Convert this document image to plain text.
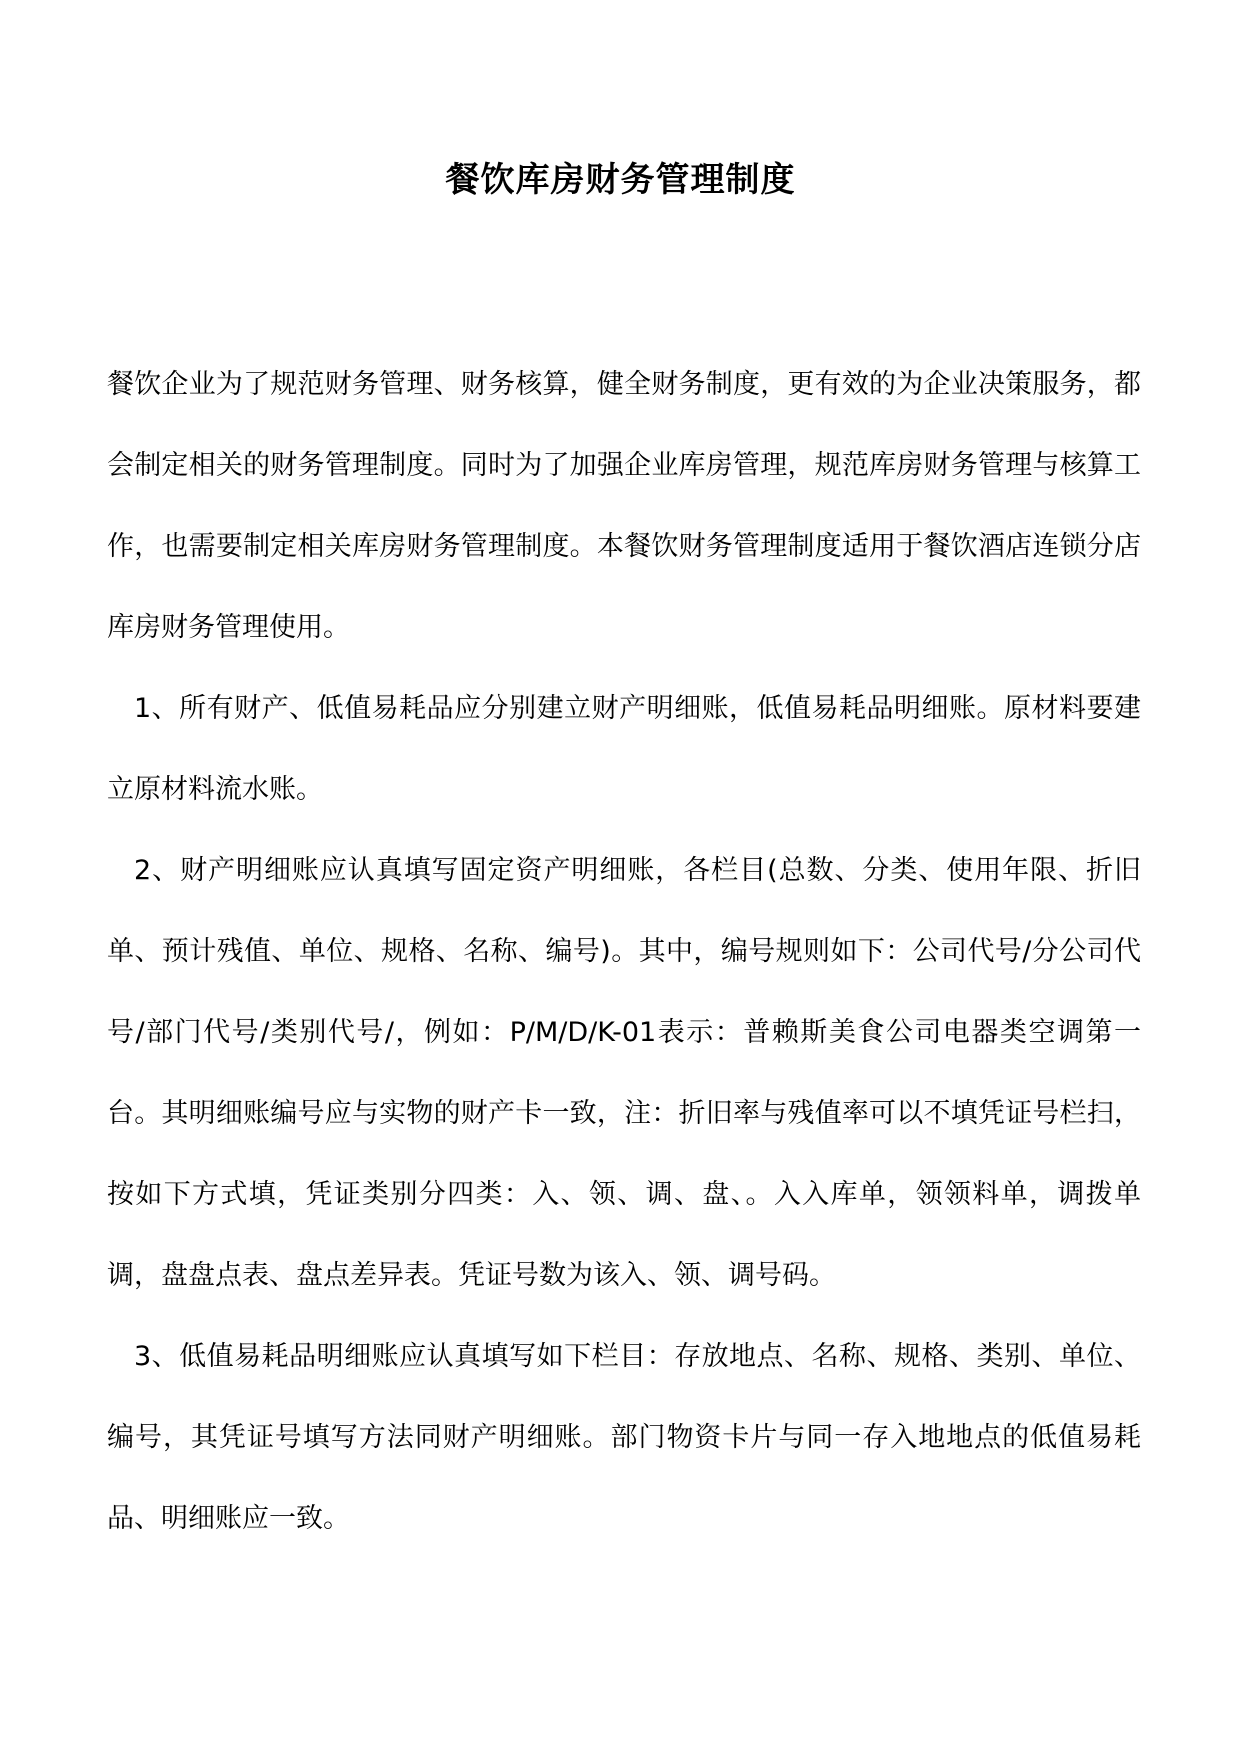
餐饮库房财务管理制度

餐饮企业为了规范财务管理、财务核算，健全财务制度，更有效的为企业决策服务，都会制定相关的财务管理制度。同时为了加强企业库房管理，规范库房财务管理与核算工作，也需要制定相关库房财务管理制度。本餐饮财务管理制度适用于餐饮酒店连锁分店库房财务管理使用。

1、所有财产、低值易耗品应分别建立财产明细账，低值易耗品明细账。原材料要建立原材料流水账。

2、财产明细账应认真填写固定资产明细账，各栏目(总数、分类、使用年限、折旧单、预计残值、单位、规格、名称、编号)。其中，编号规则如下：公司代号/分公司代号/部门代号/类别代号/，例如：P/M/D/K-01表示：普赖斯美食公司电器类空调第一台。其明细账编号应与实物的财产卡一致，注：折旧率与残值率可以不填凭证号栏扫，按如下方式填，凭证类别分四类：入、领、调、盘、。入入库单，领领料单，调拨单调，盘盘点表、盘点差异表。凭证号数为该入、领、调号码。

3、低值易耗品明细账应认真填写如下栏目：存放地点、名称、规格、类别、单位、编号，其凭证号填写方法同财产明细账。部门物资卡片与同一存入地地点的低值易耗品、明细账应一致。
